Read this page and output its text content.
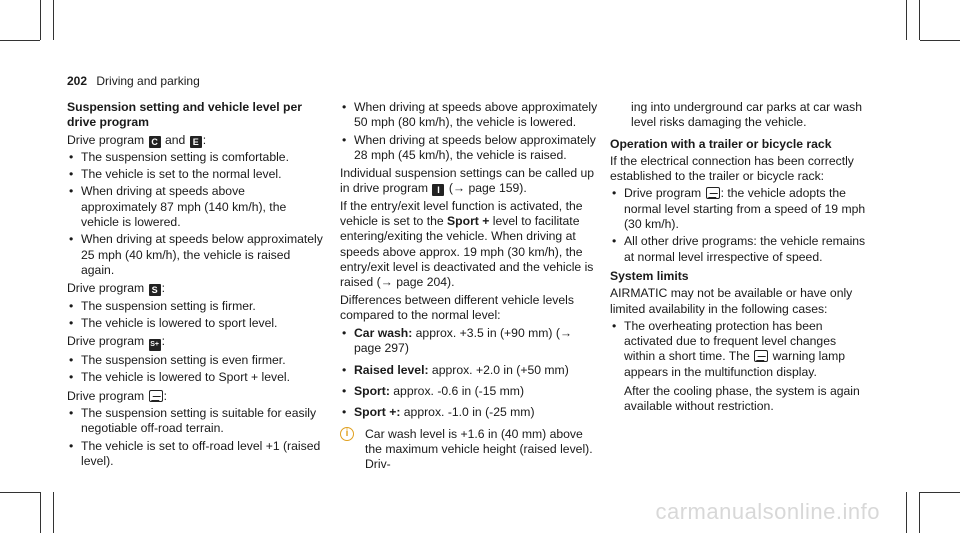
202 Driving and parking

Suspension setting and vehicle level per
drive program

Drive program C and E :

• The suspension setting is comfortable.
• The vehicle is set to the normal level.
• When driving at speeds above approximately 87 mph (140 km/h), the vehicle is lowered.
• When driving at speeds below approximately 25 mph (40 km/h), the vehicle is raised again.

Drive program S :

• The suspension setting is firmer.
• The vehicle is lowered to sport level.

Drive program S+ :

• The suspension setting is even firmer.
• The vehicle is lowered to Sport + level.

Drive program :

• The suspension setting is suitable for easily negotiable off-road terrain.
• The vehicle is set to off-road level +1 (raised level).
• When driving at speeds above approximately 50 mph (80 km/h), the vehicle is lowered.
• When driving at speeds below approximately 28 mph (45 km/h), the vehicle is raised.

Individual suspension settings can be called up in drive program I (→ page 159).

If the entry/exit level function is activated, the vehicle is set to the Sport + level to facilitate entering/exiting the vehicle. When driving at speeds above approx. 19 mph (30 km/h), the entry/exit level is deactivated and the vehicle is raised (→ page 204).

Differences between different vehicle levels compared to the normal level:

• Car wash: approx. +3.5 in (+90 mm) (→ page 297)
• Raised level: approx. +2.0 in (+50 mm)
• Sport: approx. -0.6 in (-15 mm)
• Sport +: approx. -1.0 in (-25 mm)
i	Car wash level is +1.6 in (40 mm) above the maximum vehicle height (raised level). Driv-

ing into underground car parks at car wash level risks damaging the vehicle.

Operation with a trailer or bicycle rack

If the electrical connection has been correctly established to the trailer or bicycle rack:

• Drive program : the vehicle adopts the normal level starting from a speed of 19 mph (30 km/h).
• All other drive programs: the vehicle remains at normal level irrespective of speed.

System limits

AIRMATIC may not be available or have only limited availability in the following cases:

• The overheating protection has been activated due to frequent level changes within a short time. The warning lamp appears in the multifunction display.

After the cooling phase, the system is again available without restriction.

carmanualsonline.info
